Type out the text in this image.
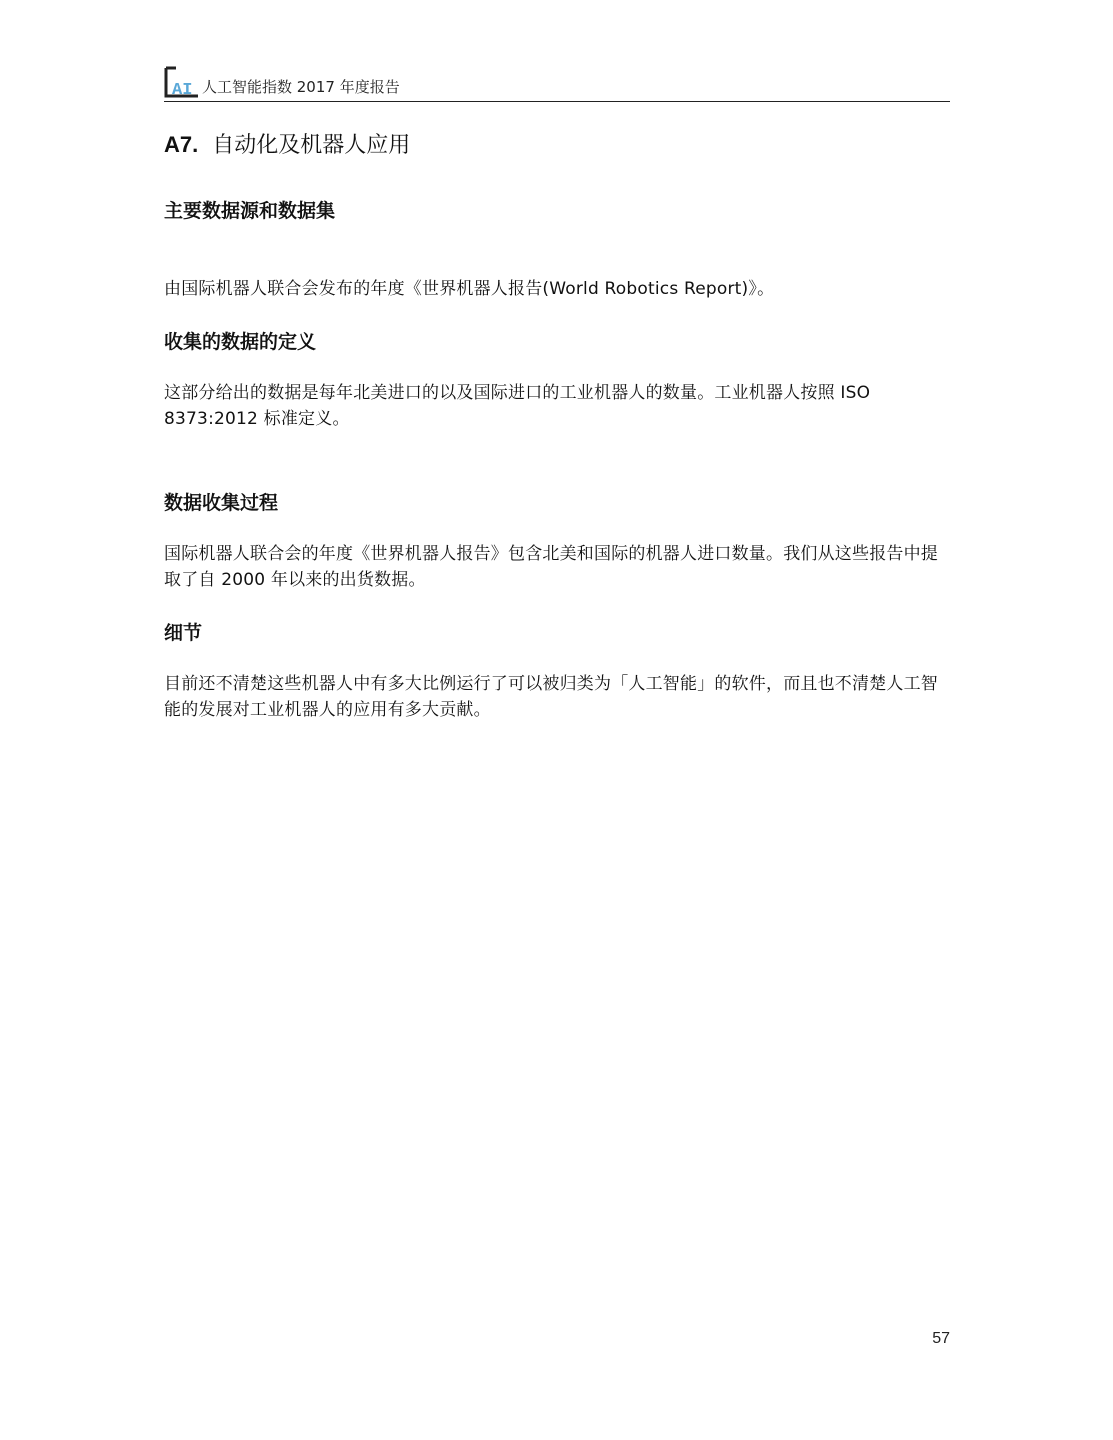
AI 人工智能指数 2017 年度报告
A7. 自动化及机器人应用
主要数据源和数据集

由国际机器人联合会发布的年度《世界机器人报告(World Robotics Report)》。

收集的数据的定义

这部分给出的数据是每年北美进口的以及国际进口的工业机器人的数量。工业机器人按照 ISO 8373:2012 标准定义。

数据收集过程

国际机器人联合会的年度《世界机器人报告》包含北美和国际的机器人进口数量。我们从这些报告中提取了自 2000 年以来的出货数据。

细节

目前还不清楚这些机器人中有多大比例运行了可以被归类为「人工智能」的软件，而且也不清楚人工智能的发展对工业机器人的应用有多大贡献。

57
